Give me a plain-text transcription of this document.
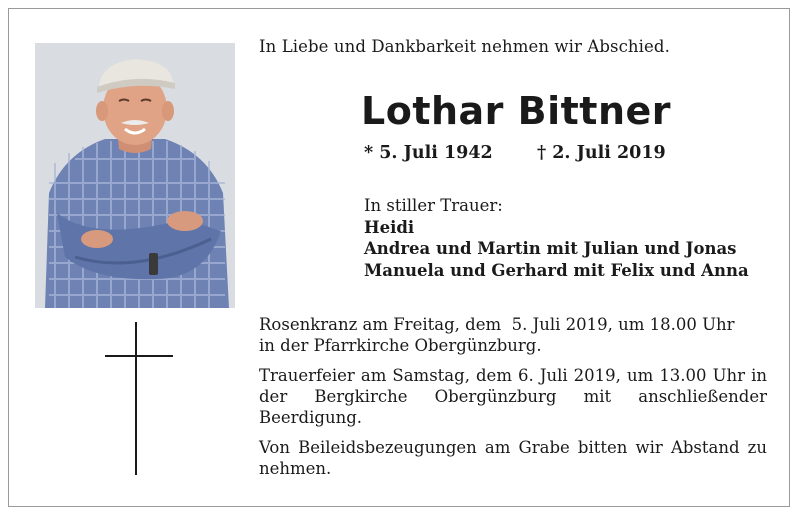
In Liebe und Dankbarkeit nehmen wir Abschied.
Lothar Bittner
* 5. Juli 1942	† 2. Juli 2019
In stiller Trauer:
Heidi
Andrea und Martin mit Julian und Jonas
Manuela und Gerhard mit Felix und Anna
Rosenkranz am Freitag, dem  5. Juli 2019, um 18.00 Uhr
in der Pfarrkirche Obergünzburg.
Trauerfeier am Samstag, dem 6. Juli 2019, um 13.00 Uhr in der Bergkirche Obergünzburg mit anschließender Beerdigung.
Von Beileidsbezeugungen am Grabe bitten wir Abstand zu nehmen.
